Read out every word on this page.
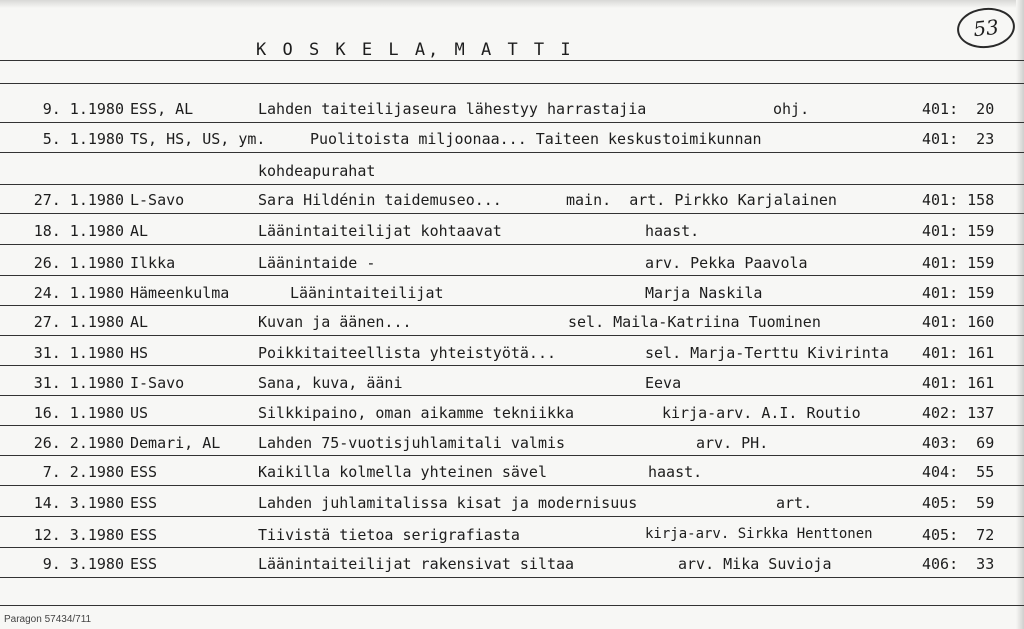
K O S K E L A, M A T T I
53
9. 1.1980 ESS, AL	Lahden taiteilijaseura lähestyy harrastajia	ohj.	401:  20
5. 1.1980 TS, HS, US, ym.	Puolitoista miljoonaa... Taiteen keskustoimikunnan	401:  23
kohdeapurahat
27. 1.1980 L-Savo	Sara Hildénin taidemuseo...	main.  art. Pirkko Karjalainen	401: 158
18. 1.1980 AL	Läänintaiteilijat kohtaavat	haast.	401: 159
26. 1.1980 Ilkka	Läänintaide -	arv. Pekka Paavola	401: 159
24. 1.1980 Hämeenkulma	Läänintaiteilijat	Marja Naskila	401: 159
27. 1.1980 AL	Kuvan ja äänen...	sel. Maila-Katriina Tuominen	401: 160
31. 1.1980 HS	Poikkitaiteellista yhteistyötä...	sel. Marja-Terttu Kivirinta 401: 161
31. 1.1980 I-Savo	Sana, kuva, ääni	Eeva	401: 161
16. 1.1980 US	Silkkipaino, oman aikamme tekniikka	kirja-arv. A.I. Routio	402: 137
26. 2.1980 Demari, AL	Lahden 75-vuotisjuhlamitali valmis	arv. PH.	403:  69
7. 2.1980 ESS	Kaikilla kolmella yhteinen sävel	haast.	404:  55
14. 3.1980 ESS	Lahden juhlamitalissa kisat ja modernisuus	art.	405:  59
12. 3.1980 ESS	Tiivistä tietoa serigrafiasta	kirja-arv. Sirkka Henttonen	405:  72
9. 3.1980 ESS	Läänintaiteilijat rakensivat siltaa	arv. Mika Suvioja	406:  33
Paragon 57434/711
